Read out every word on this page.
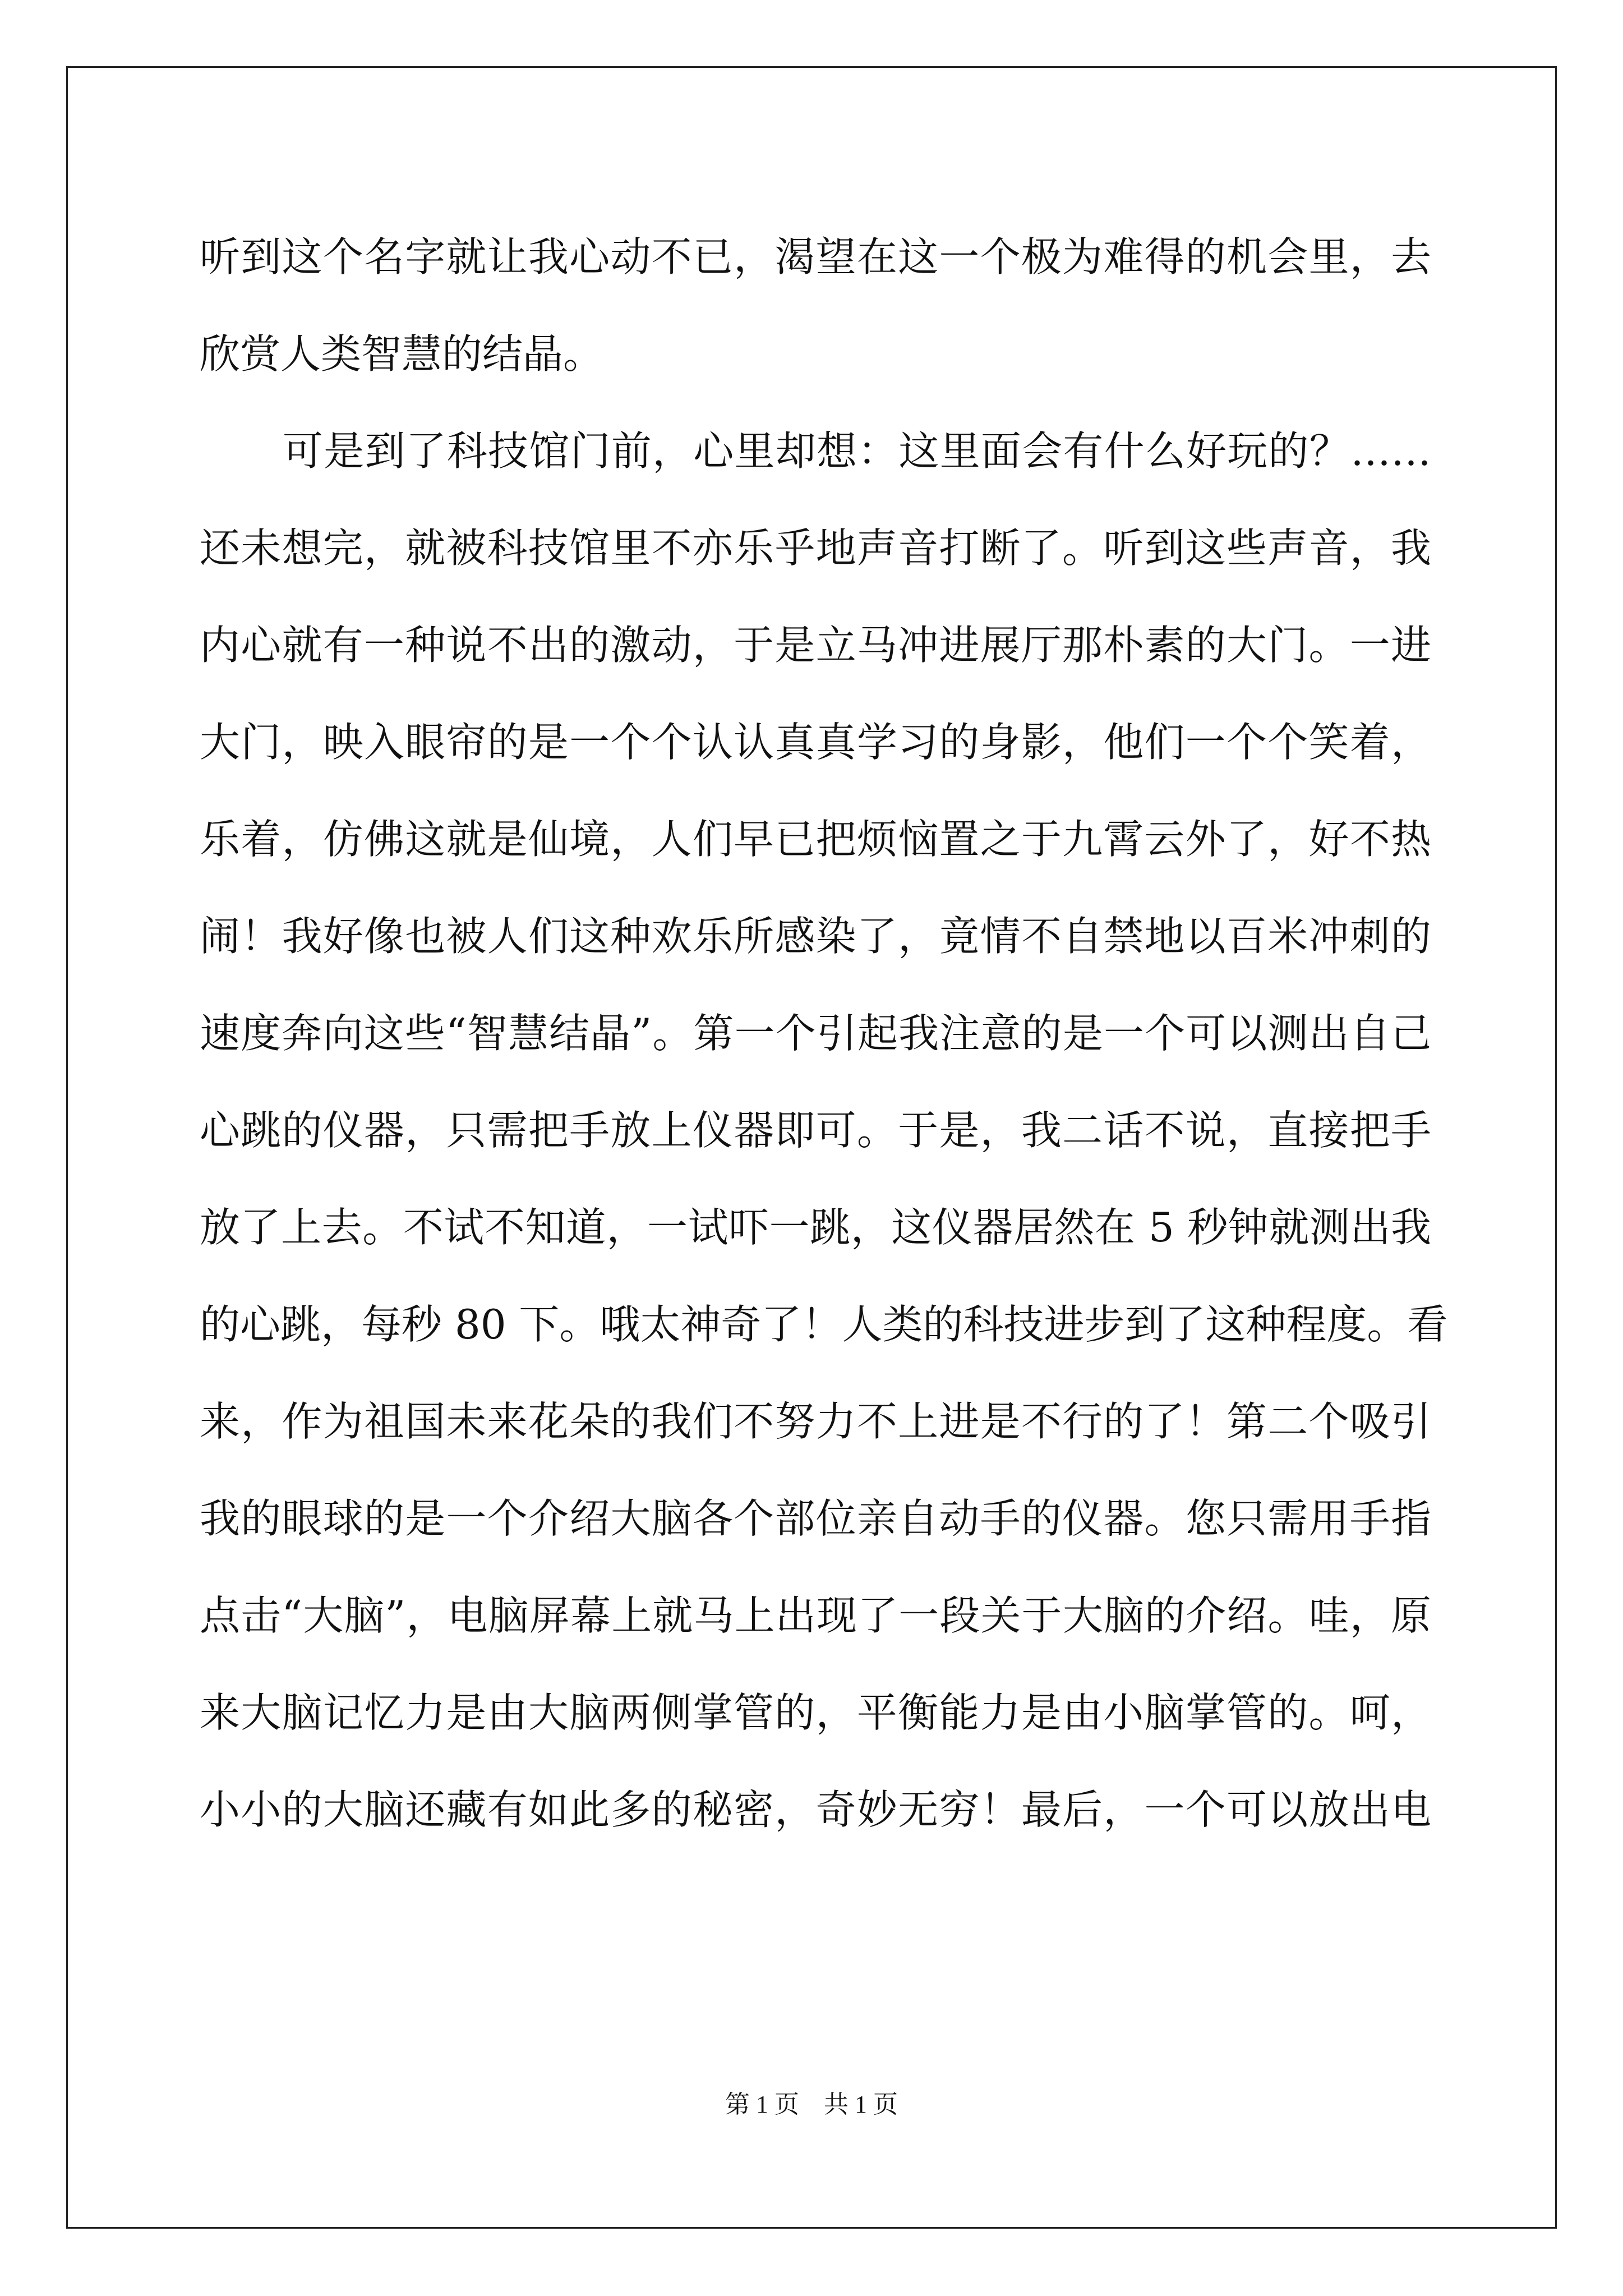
听到这个名字就让我心动不已，渴望在这一个极为难得的机会里，去
欣赏人类智慧的结晶。
可是到了科技馆门前，心里却想：这里面会有什么好玩的？……
还未想完，就被科技馆里不亦乐乎地声音打断了。听到这些声音，我
内心就有一种说不出的激动，于是立马冲进展厅那朴素的大门。一进
大门，映入眼帘的是一个个认认真真学习的身影，他们一个个笑着，
乐着，仿佛这就是仙境，人们早已把烦恼置之于九霄云外了，好不热
闹！我好像也被人们这种欢乐所感染了，竟情不自禁地以百米冲刺的
速度奔向这些“智慧结晶”。第一个引起我注意的是一个可以测出自己
心跳的仪器，只需把手放上仪器即可。于是，我二话不说，直接把手
放了上去。不试不知道，一试吓一跳，这仪器居然在 5 秒钟就测出我
的心跳，每秒 80 下。哦太神奇了！人类的科技进步到了这种程度。看
来，作为祖国未来花朵的我们不努力不上进是不行的了！第二个吸引
我的眼球的是一个介绍大脑各个部位亲自动手的仪器。您只需用手指
点击“大脑”，电脑屏幕上就马上出现了一段关于大脑的介绍。哇，原
来大脑记忆力是由大脑两侧掌管的，平衡能力是由小脑掌管的。呵，
小小的大脑还藏有如此多的秘密，奇妙无穷！最后，一个可以放出电
第 1 页 共 1 页
